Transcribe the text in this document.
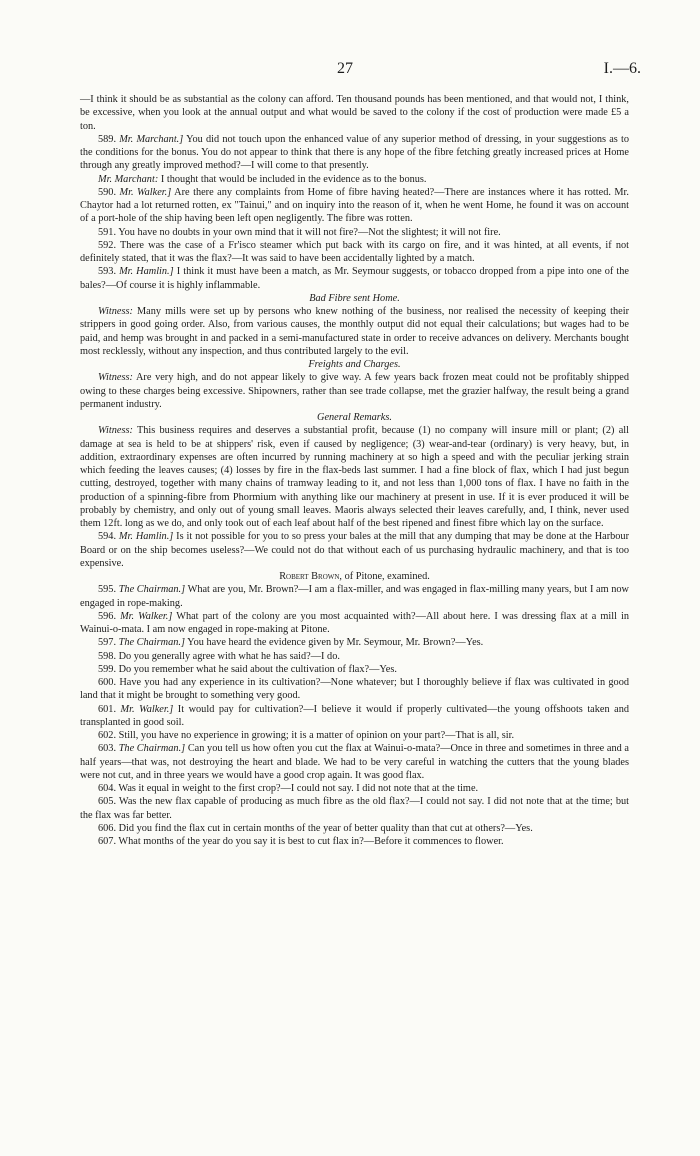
27	I.—6.

—I think it should be as substantial as the colony can afford. Ten thousand pounds has been mentioned, and that would not, I think, be excessive, when you look at the annual output and what would be saved to the colony if the cost of production were made £5 a ton.

589. Mr. Marchant.] You did not touch upon the enhanced value of any superior method of dressing, in your suggestions as to the conditions for the bonus. You do not appear to think that there is any hope of the fibre fetching greatly increased prices at Home through any greatly improved method?—I will come to that presently.

Mr. Marchant: I thought that would be included in the evidence as to the bonus.

590. Mr. Walker.] Are there any complaints from Home of fibre having heated?—There are instances where it has rotted. Mr. Chaytor had a lot returned rotten, ex "Tainui," and on inquiry into the reason of it, when he went Home, he found it was on account of a port-hole of the ship having been left open negligently. The fibre was rotten.

591. You have no doubts in your own mind that it will not fire?—Not the slightest; it will not fire.

592. There was the case of a Fr'isco steamer which put back with its cargo on fire, and it was hinted, at all events, if not definitely stated, that it was the flax?—It was said to have been accidentally lighted by a match.

593. Mr. Hamlin.] I think it must have been a match, as Mr. Seymour suggests, or tobacco dropped from a pipe into one of the bales?—Of course it is highly inflammable.

Bad Fibre sent Home.

Witness: Many mills were set up by persons who knew nothing of the business, nor realised the necessity of keeping their strippers in good going order. Also, from various causes, the monthly output did not equal their calculations; but wages had to be paid, and hemp was brought in and packed in a semi-manufactured state in order to receive advances on delivery. Merchants bought most recklessly, without any inspection, and thus contributed largely to the evil.

Freights and Charges.

Witness: Are very high, and do not appear likely to give way. A few years back frozen meat could not be profitably shipped owing to these charges being excessive. Shipowners, rather than see trade collapse, met the grazier halfway, the result being a grand permanent industry.

General Remarks.

Witness: This business requires and deserves a substantial profit, because (1) no company will insure mill or plant; (2) all damage at sea is held to be at shippers' risk, even if caused by negligence; (3) wear-and-tear (ordinary) is very heavy, but, in addition, extraordinary expenses are often incurred by running machinery at so high a speed and with the peculiar jerking strain which feeding the leaves causes; (4) losses by fire in the flax-beds last summer. I had a fine block of flax, which I had just begun cutting, destroyed, together with many chains of tramway leading to it, and not less than 1,000 tons of flax. I have no faith in the production of a spinning-fibre from Phormium with anything like our machinery at present in use. If it is ever produced it will be probably by chemistry, and only out of young small leaves. Maoris always selected their leaves carefully, and, I think, never used them 12ft. long as we do, and only took out of each leaf about half of the best ripened and finest fibre which lay on the surface.

594. Mr. Hamlin.] Is it not possible for you to so press your bales at the mill that any dumping that may be done at the Harbour Board or on the ship becomes useless?—We could not do that without each of us purchasing hydraulic machinery, and that is too expensive.

Robert Brown, of Pitone, examined.

595. The Chairman.] What are you, Mr. Brown?—I am a flax-miller, and was engaged in flax-milling many years, but I am now engaged in rope-making.

596. Mr. Walker.] What part of the colony are you most acquainted with?—All about here. I was dressing flax at a mill in Wainui-o-mata. I am now engaged in rope-making at Pitone.

597. The Chairman.] You have heard the evidence given by Mr. Seymour, Mr. Brown?—Yes.

598. Do you generally agree with what he has said?—I do.

599. Do you remember what he said about the cultivation of flax?—Yes.

600. Have you had any experience in its cultivation?—None whatever; but I thoroughly believe if flax was cultivated in good land that it might be brought to something very good.

601. Mr. Walker.] It would pay for cultivation?—I believe it would if properly cultivated—the young offshoots taken and transplanted in good soil.

602. Still, you have no experience in growing; it is a matter of opinion on your part?—That is all, sir.

603. The Chairman.] Can you tell us how often you cut the flax at Wainui-o-mata?—Once in three and sometimes in three and a half years—that was, not destroying the heart and blade. We had to be very careful in watching the cutters that the young blades were not cut, and in three years we would have a good crop again. It was good flax.

604. Was it equal in weight to the first crop?—I could not say. I did not note that at the time.

605. Was the new flax capable of producing as much fibre as the old flax?—I could not say. I did not note that at the time; but the flax was far better.

606. Did you find the flax cut in certain months of the year of better quality than that cut at others?—Yes.

607. What months of the year do you say it is best to cut flax in?—Before it commences to flower.
